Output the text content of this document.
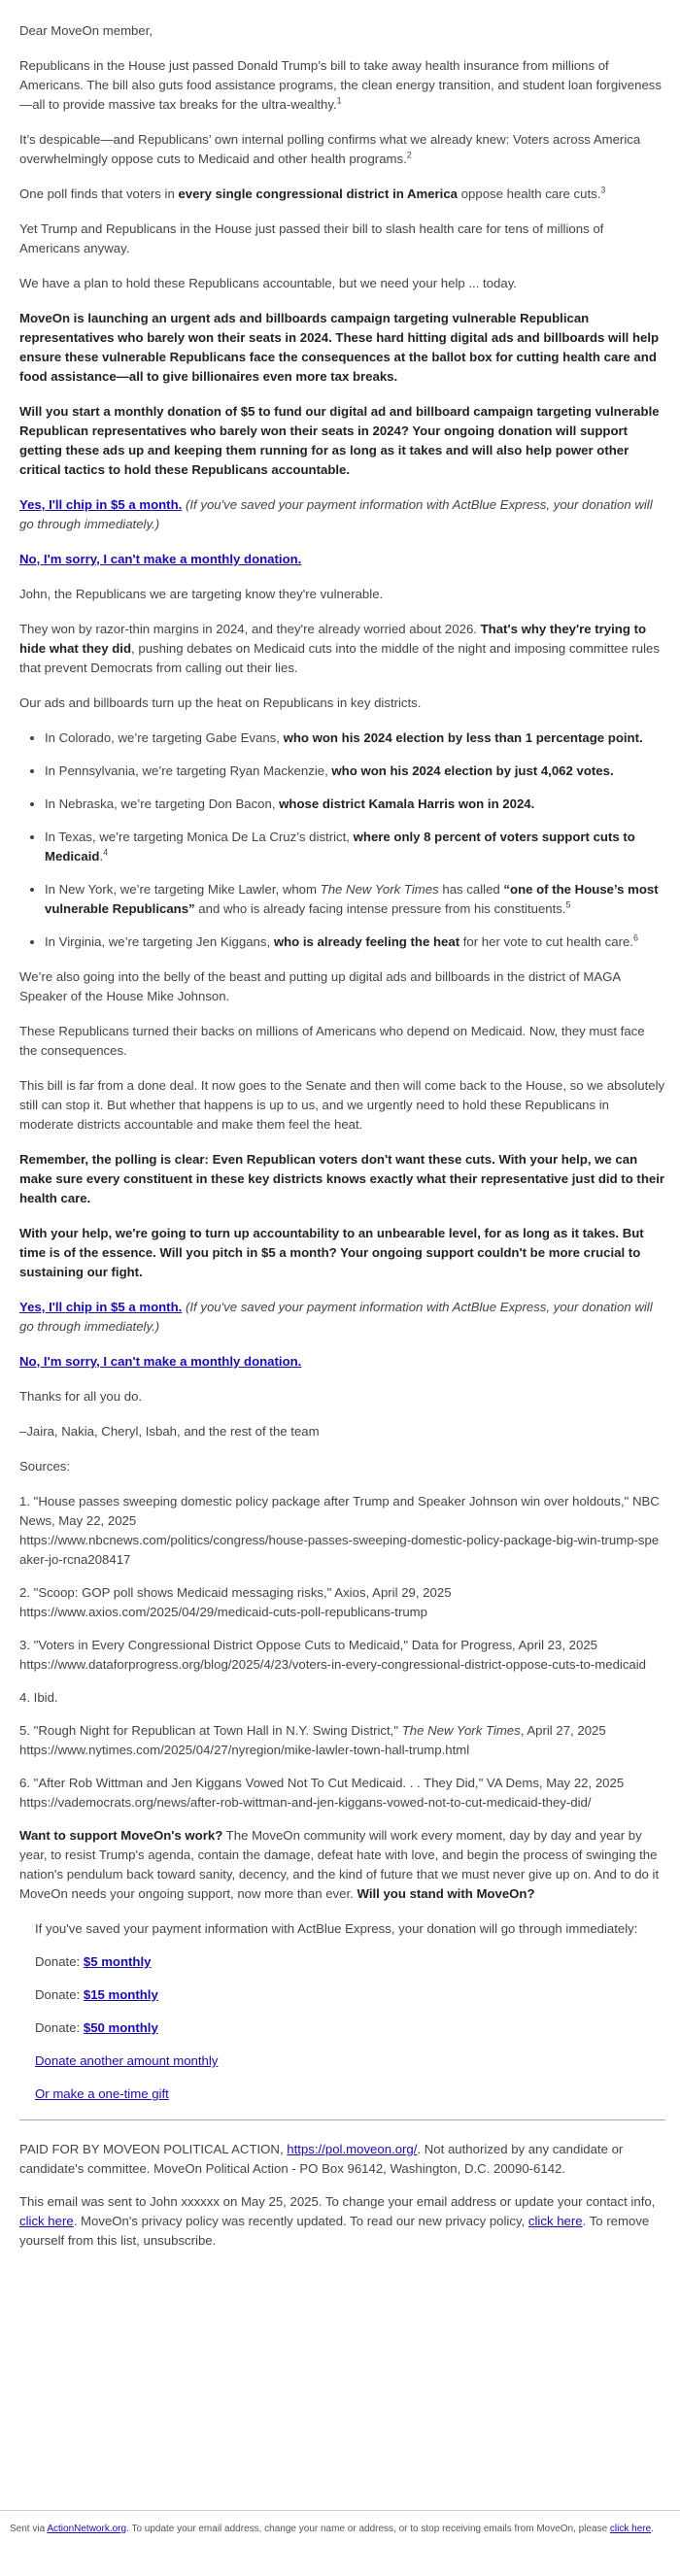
Dear MoveOn member,

Republicans in the House just passed Donald Trump’s bill to take away health insurance from millions of Americans. The bill also guts food assistance programs, the clean energy transition, and student loan forgiveness—all to provide massive tax breaks for the ultra-wealthy.$^1$

It’s despicable—and Republicans’ own internal polling confirms what we already knew: Voters across America overwhelmingly oppose cuts to Medicaid and other health programs.$^2$

One poll finds that voters in every single congressional district in America oppose health care cuts.$^3$

Yet Trump and Republicans in the House just passed their bill to slash health care for tens of millions of Americans anyway.

We have a plan to hold these Republicans accountable, but we need your help ... today.

MoveOn is launching an urgent ads and billboards campaign targeting vulnerable Republican representatives who barely won their seats in 2024. These hard hitting digital ads and billboards will help ensure these vulnerable Republicans face the consequences at the ballot box for cutting health care and food assistance—all to give billionaires even more tax breaks.

Will you start a monthly donation of $5 to fund our digital ad and billboard campaign targeting vulnerable Republican representatives who barely won their seats in 2024? Your ongoing donation will support getting these ads up and keeping them running for as long as it takes and will also help power other critical tactics to hold these Republicans accountable.

Yes, I'll chip in $5 a month. (If you've saved your payment information with ActBlue Express, your donation will go through immediately.)

No, I'm sorry, I can't make a monthly donation.

John, the Republicans we are targeting know they're vulnerable.

They won by razor-thin margins in 2024, and they're already worried about 2026. That's why they're trying to hide what they did, pushing debates on Medicaid cuts into the middle of the night and imposing committee rules that prevent Democrats from calling out their lies.

Our ads and billboards turn up the heat on Republicans in key districts.

• In Colorado, we’re targeting Gabe Evans, who won his 2024 election by less than 1 percentage point.
• In Pennsylvania, we’re targeting Ryan Mackenzie, who won his 2024 election by just 4,062 votes.
• In Nebraska, we’re targeting Don Bacon, whose district Kamala Harris won in 2024.
• In Texas, we’re targeting Monica De La Cruz’s district, where only 8 percent of voters support cuts to Medicaid.$^4$
• In New York, we’re targeting Mike Lawler, whom The New York Times has called “one of the House’s most vulnerable Republicans” and who is already facing intense pressure from his constituents.$^5$
• In Virginia, we’re targeting Jen Kiggans, who is already feeling the heat for her vote to cut health care.$^6$

We’re also going into the belly of the beast and putting up digital ads and billboards in the district of MAGA Speaker of the House Mike Johnson.

These Republicans turned their backs on millions of Americans who depend on Medicaid. Now, they must face the consequences.

This bill is far from a done deal. It now goes to the Senate and then will come back to the House, so we absolutely still can stop it. But whether that happens is up to us, and we urgently need to hold these Republicans in moderate districts accountable and make them feel the heat.

Remember, the polling is clear: Even Republican voters don't want these cuts. With your help, we can make sure every constituent in these key districts knows exactly what their representative just did to their health care.

With your help, we're going to turn up accountability to an unbearable level, for as long as it takes. But time is of the essence. Will you pitch in $5 a month? Your ongoing support couldn't be more crucial to sustaining our fight.

Yes, I'll chip in $5 a month. (If you've saved your payment information with ActBlue Express, your donation will go through immediately.)

No, I'm sorry, I can't make a monthly donation.

Thanks for all you do.

–Jaira, Nakia, Cheryl, Isbah, and the rest of the team

Sources:

1. "House passes sweeping domestic policy package after Trump and Speaker Johnson win over holdouts," NBC News, May 22, 2025
https://www.nbcnews.com/politics/congress/house-passes-sweeping-domestic-policy-package-big-win-trump-speaker-jo-rcna208417

2. "Scoop: GOP poll shows Medicaid messaging risks," Axios, April 29, 2025
https://www.axios.com/2025/04/29/medicaid-cuts-poll-republicans-trump

3. "Voters in Every Congressional District Oppose Cuts to Medicaid," Data for Progress, April 23, 2025
https://www.dataforprogress.org/blog/2025/4/23/voters-in-every-congressional-district-oppose-cuts-to-medicaid

4. Ibid.

5. "Rough Night for Republican at Town Hall in N.Y. Swing District," The New York Times, April 27, 2025
https://www.nytimes.com/2025/04/27/nyregion/mike-lawler-town-hall-trump.html

6. "After Rob Wittman and Jen Kiggans Vowed Not To Cut Medicaid. . . They Did," VA Dems, May 22, 2025
https://vademocrats.org/news/after-rob-wittman-and-jen-kiggans-vowed-not-to-cut-medicaid-they-did/

Want to support MoveOn's work? The MoveOn community will work every moment, day by day and year by year, to resist Trump's agenda, contain the damage, defeat hate with love, and begin the process of swinging the nation's pendulum back toward sanity, decency, and the kind of future that we must never give up on. And to do it MoveOn needs your ongoing support, now more than ever. Will you stand with MoveOn?

If you've saved your payment information with ActBlue Express, your donation will go through immediately:

Donate: $5 monthly

Donate: $15 monthly

Donate: $50 monthly

Donate another amount monthly

Or make a one-time gift

PAID FOR BY MOVEON POLITICAL ACTION, https://pol.moveon.org/. Not authorized by any candidate or candidate's committee. MoveOn Political Action - PO Box 96142, Washington, D.C. 20090-6142.

This email was sent to John xxxxxx on May 25, 2025. To change your email address or update your contact info, click here. MoveOn's privacy policy was recently updated. To read our new privacy policy, click here. To remove yourself from this list, unsubscribe.

Sent via ActionNetwork.org. To update your email address, change your name or address, or to stop receiving emails from MoveOn, please click here.
